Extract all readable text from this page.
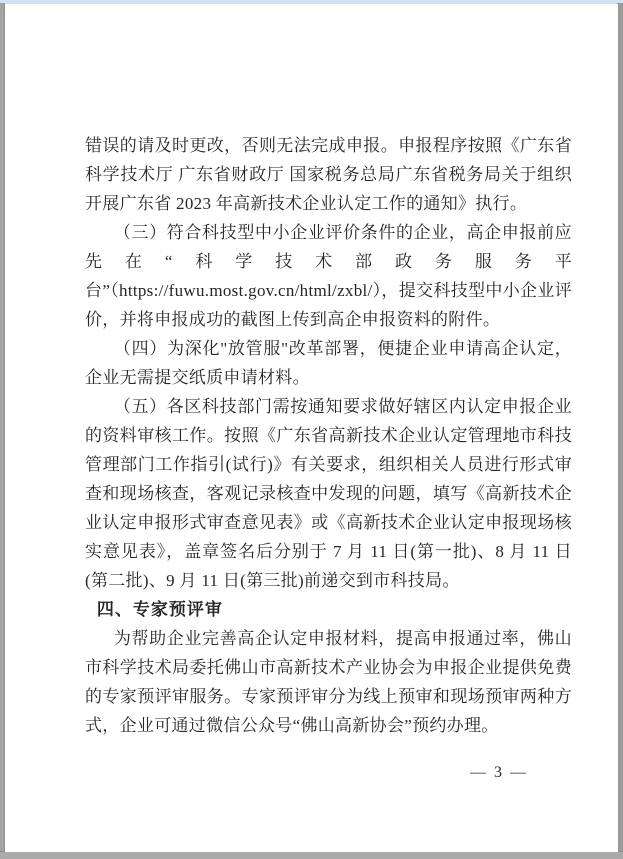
错误的请及时更改，否则无法完成申报。申报程序按照《广东省科学技术厅 广东省财政厅 国家税务总局广东省税务局关于组织开展广东省 2023 年高新技术企业认定工作的通知》执行。

（三）符合科技型中小企业评价条件的企业，高企申报前应先在“科学技术部政务服务平台”（https://fuwu.most.gov.cn/html/zxbl/），提交科技型中小企业评价，并将申报成功的截图上传到高企申报资料的附件。

（四）为深化"放管服"改革部署，便捷企业申请高企认定，企业无需提交纸质申请材料。

（五）各区科技部门需按通知要求做好辖区内认定申报企业的资料审核工作。按照《广东省高新技术企业认定管理地市科技管理部门工作指引(试行)》有关要求，组织相关人员进行形式审查和现场核查，客观记录核查中发现的问题，填写《高新技术企业认定申报形式审查意见表》或《高新技术企业认定申报现场核实意见表》，盖章签名后分别于 7 月 11 日(第一批)、8 月 11 日(第二批)、9 月 11 日(第三批)前递交到市科技局。

四、专家预评审

为帮助企业完善高企认定申报材料，提高申报通过率，佛山市科学技术局委托佛山市高新技术产业协会为申报企业提供免费的专家预评审服务。专家预评审分为线上预审和现场预审两种方式，企业可通过微信公众号“佛山高新协会”预约办理。

— 3 —
